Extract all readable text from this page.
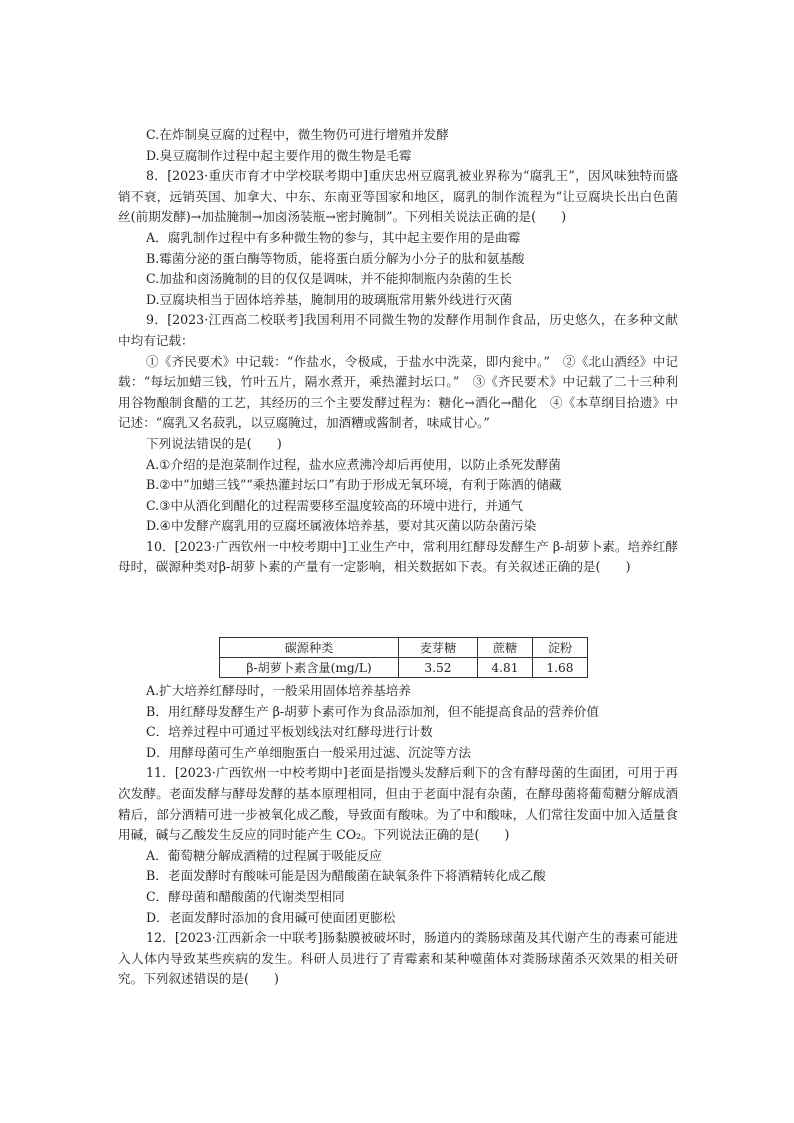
C.在炸制臭豆腐的过程中，微生物仍可进行增殖并发酵

D.臭豆腐制作过程中起主要作用的微生物是毛霉

8．[2023·重庆市育才中学校联考期中]重庆忠州豆腐乳被业界称为“腐乳王”，因风味独特而盛销不衰，远销英国、加拿大、中东、东南亚等国家和地区，腐乳的制作流程为“让豆腐块长出白色菌丝(前期发酵)→加盐腌制→加卤汤装瓶→密封腌制”。下列相关说法正确的是(　　)

A．腐乳制作过程中有多种微生物的参与，其中起主要作用的是曲霉

B.霉菌分泌的蛋白酶等物质，能将蛋白质分解为小分子的肽和氨基酸

C.加盐和卤汤腌制的目的仅仅是调味，并不能抑制瓶内杂菌的生长

D.豆腐块相当于固体培养基，腌制用的玻璃瓶常用紫外线进行灭菌

9．[2023·江西高二校联考]我国利用不同微生物的发酵作用制作食品，历史悠久，在多种文献中均有记载：

①《齐民要术》中记载：“作盐水，令极咸，于盐水中洗菜，即内瓮中。”　②《北山酒经》中记载：“每坛加蜡三钱，竹叶五片，隔水煮开，乘热灌封坛口。”　③《齐民要术》中记载了二十三种利用谷物酿制食醋的工艺，其经历的三个主要发酵过程为：糖化→酒化→醋化　④《本草纲目拾遗》中记述：“腐乳又名菽乳，以豆腐腌过，加酒糟或酱制者，味咸甘心。”

下列说法错误的是(　　)

A.①介绍的是泡菜制作过程，盐水应煮沸冷却后再使用，以防止杀死发酵菌

B.②中“加蜡三钱”“乘热灌封坛口”有助于形成无氧环境，有利于陈酒的储藏

C.③中从酒化到醋化的过程需要移至温度较高的环境中进行，并通气

D.④中发酵产腐乳用的豆腐坯属液体培养基，要对其灭菌以防杂菌污染

10．[2023·广西钦州一中校考期中]工业生产中，常利用红酵母发酵生产 β-胡萝卜素。培养红酵母时，碳源种类对β-胡萝卜素的产量有一定影响，相关数据如下表。有关叙述正确的是(　　)

碳源种类	麦芽糖	蔗糖	淀粉
β-胡萝卜素含量(mg/L)	3.52	4.81	1.68

A.扩大培养红酵母时，一般采用固体培养基培养

B．用红酵母发酵生产 β-胡萝卜素可作为食品添加剂，但不能提高食品的营养价值

C．培养过程中可通过平板划线法对红酵母进行计数

D．用酵母菌可生产单细胞蛋白一般采用过滤、沉淀等方法

11．[2023·广西钦州一中校考期中]老面是指馒头发酵后剩下的含有酵母菌的生面团，可用于再次发酵。老面发酵与酵母发酵的基本原理相同，但由于老面中混有杂菌，在酵母菌将葡萄糖分解成酒精后，部分酒精可进一步被氧化成乙酸，导致面有酸味。为了中和酸味，人们常往发面中加入适量食用碱，碱与乙酸发生反应的同时能产生 CO₂。下列说法正确的是(　　)

A．葡萄糖分解成酒精的过程属于吸能反应

B．老面发酵时有酸味可能是因为醋酸菌在缺氧条件下将酒精转化成乙酸

C．酵母菌和醋酸菌的代谢类型相同

D．老面发酵时添加的食用碱可使面团更膨松

12．[2023·江西新余一中联考]肠黏膜被破坏时，肠道内的粪肠球菌及其代谢产生的毒素可能进入人体内导致某些疾病的发生。科研人员进行了青霉素和某种噬菌体对粪肠球菌杀灭效果的相关研究。下列叙述错误的是(　　)
